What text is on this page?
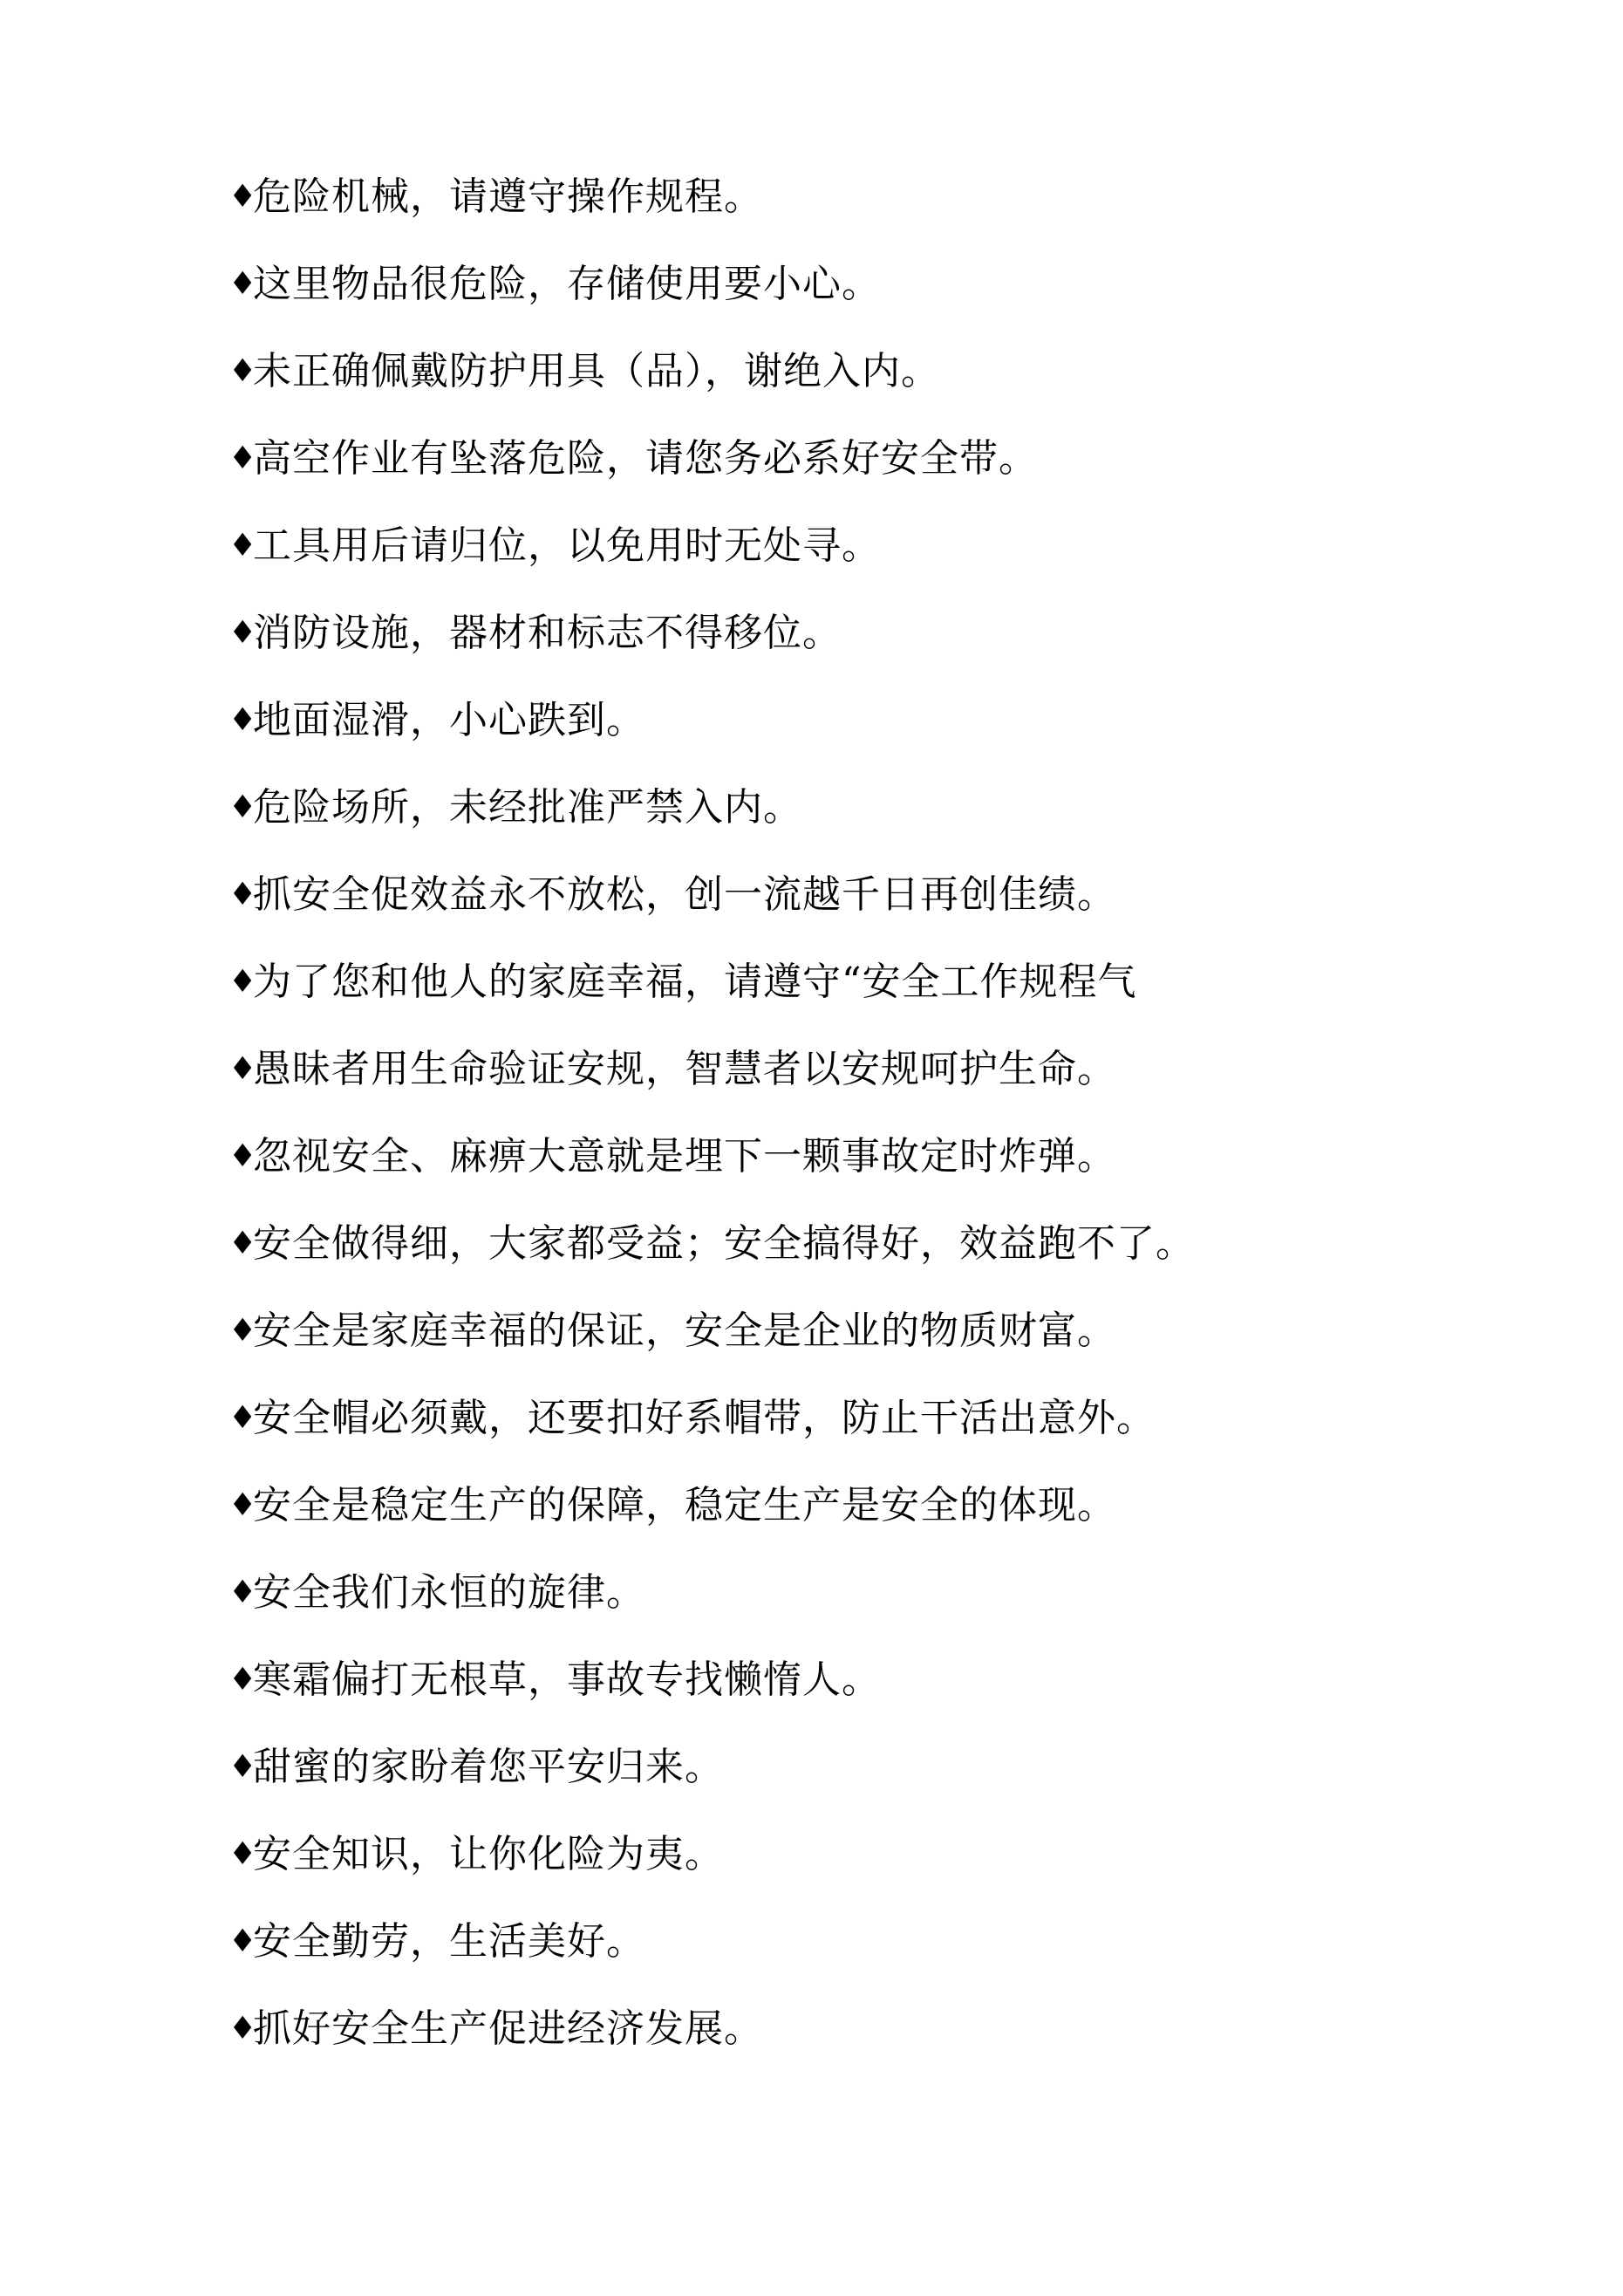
♦
危险机械，请遵守操作规程。
♦
这里物品很危险，存储使用要小心。
♦
未正确佩戴防护用具（品），谢绝入内。
♦
高空作业有坠落危险，请您务必系好安全带。
♦
工具用后请归位，以免用时无处寻。
♦
消防设施，器材和标志不得移位。
♦
地面湿滑，小心跌到。
♦
危险场所，未经批准严禁入内。
♦
抓安全促效益永不放松，创一流越千日再创佳绩。
♦
为了您和他人的家庭幸福，请遵守“安全工作规程气
♦
愚昧者用生命验证安规，智慧者以安规呵护生命。
♦
忽视安全、麻痹大意就是埋下一颗事故定时炸弹。
♦
安全做得细，大家都受益；安全搞得好，效益跑不了。
♦
安全是家庭幸福的保证，安全是企业的物质财富。
♦
安全帽必须戴，还要扣好系帽带，防止干活出意外。
♦
安全是稳定生产的保障，稳定生产是安全的体现。
♦
安全我们永恒的旋律。
♦
寒霜偏打无根草，事故专找懒惰人。
♦
甜蜜的家盼着您平安归来。
♦
安全知识，让你化险为夷。
♦
安全勤劳，生活美好。
♦
抓好安全生产促进经济发展。
